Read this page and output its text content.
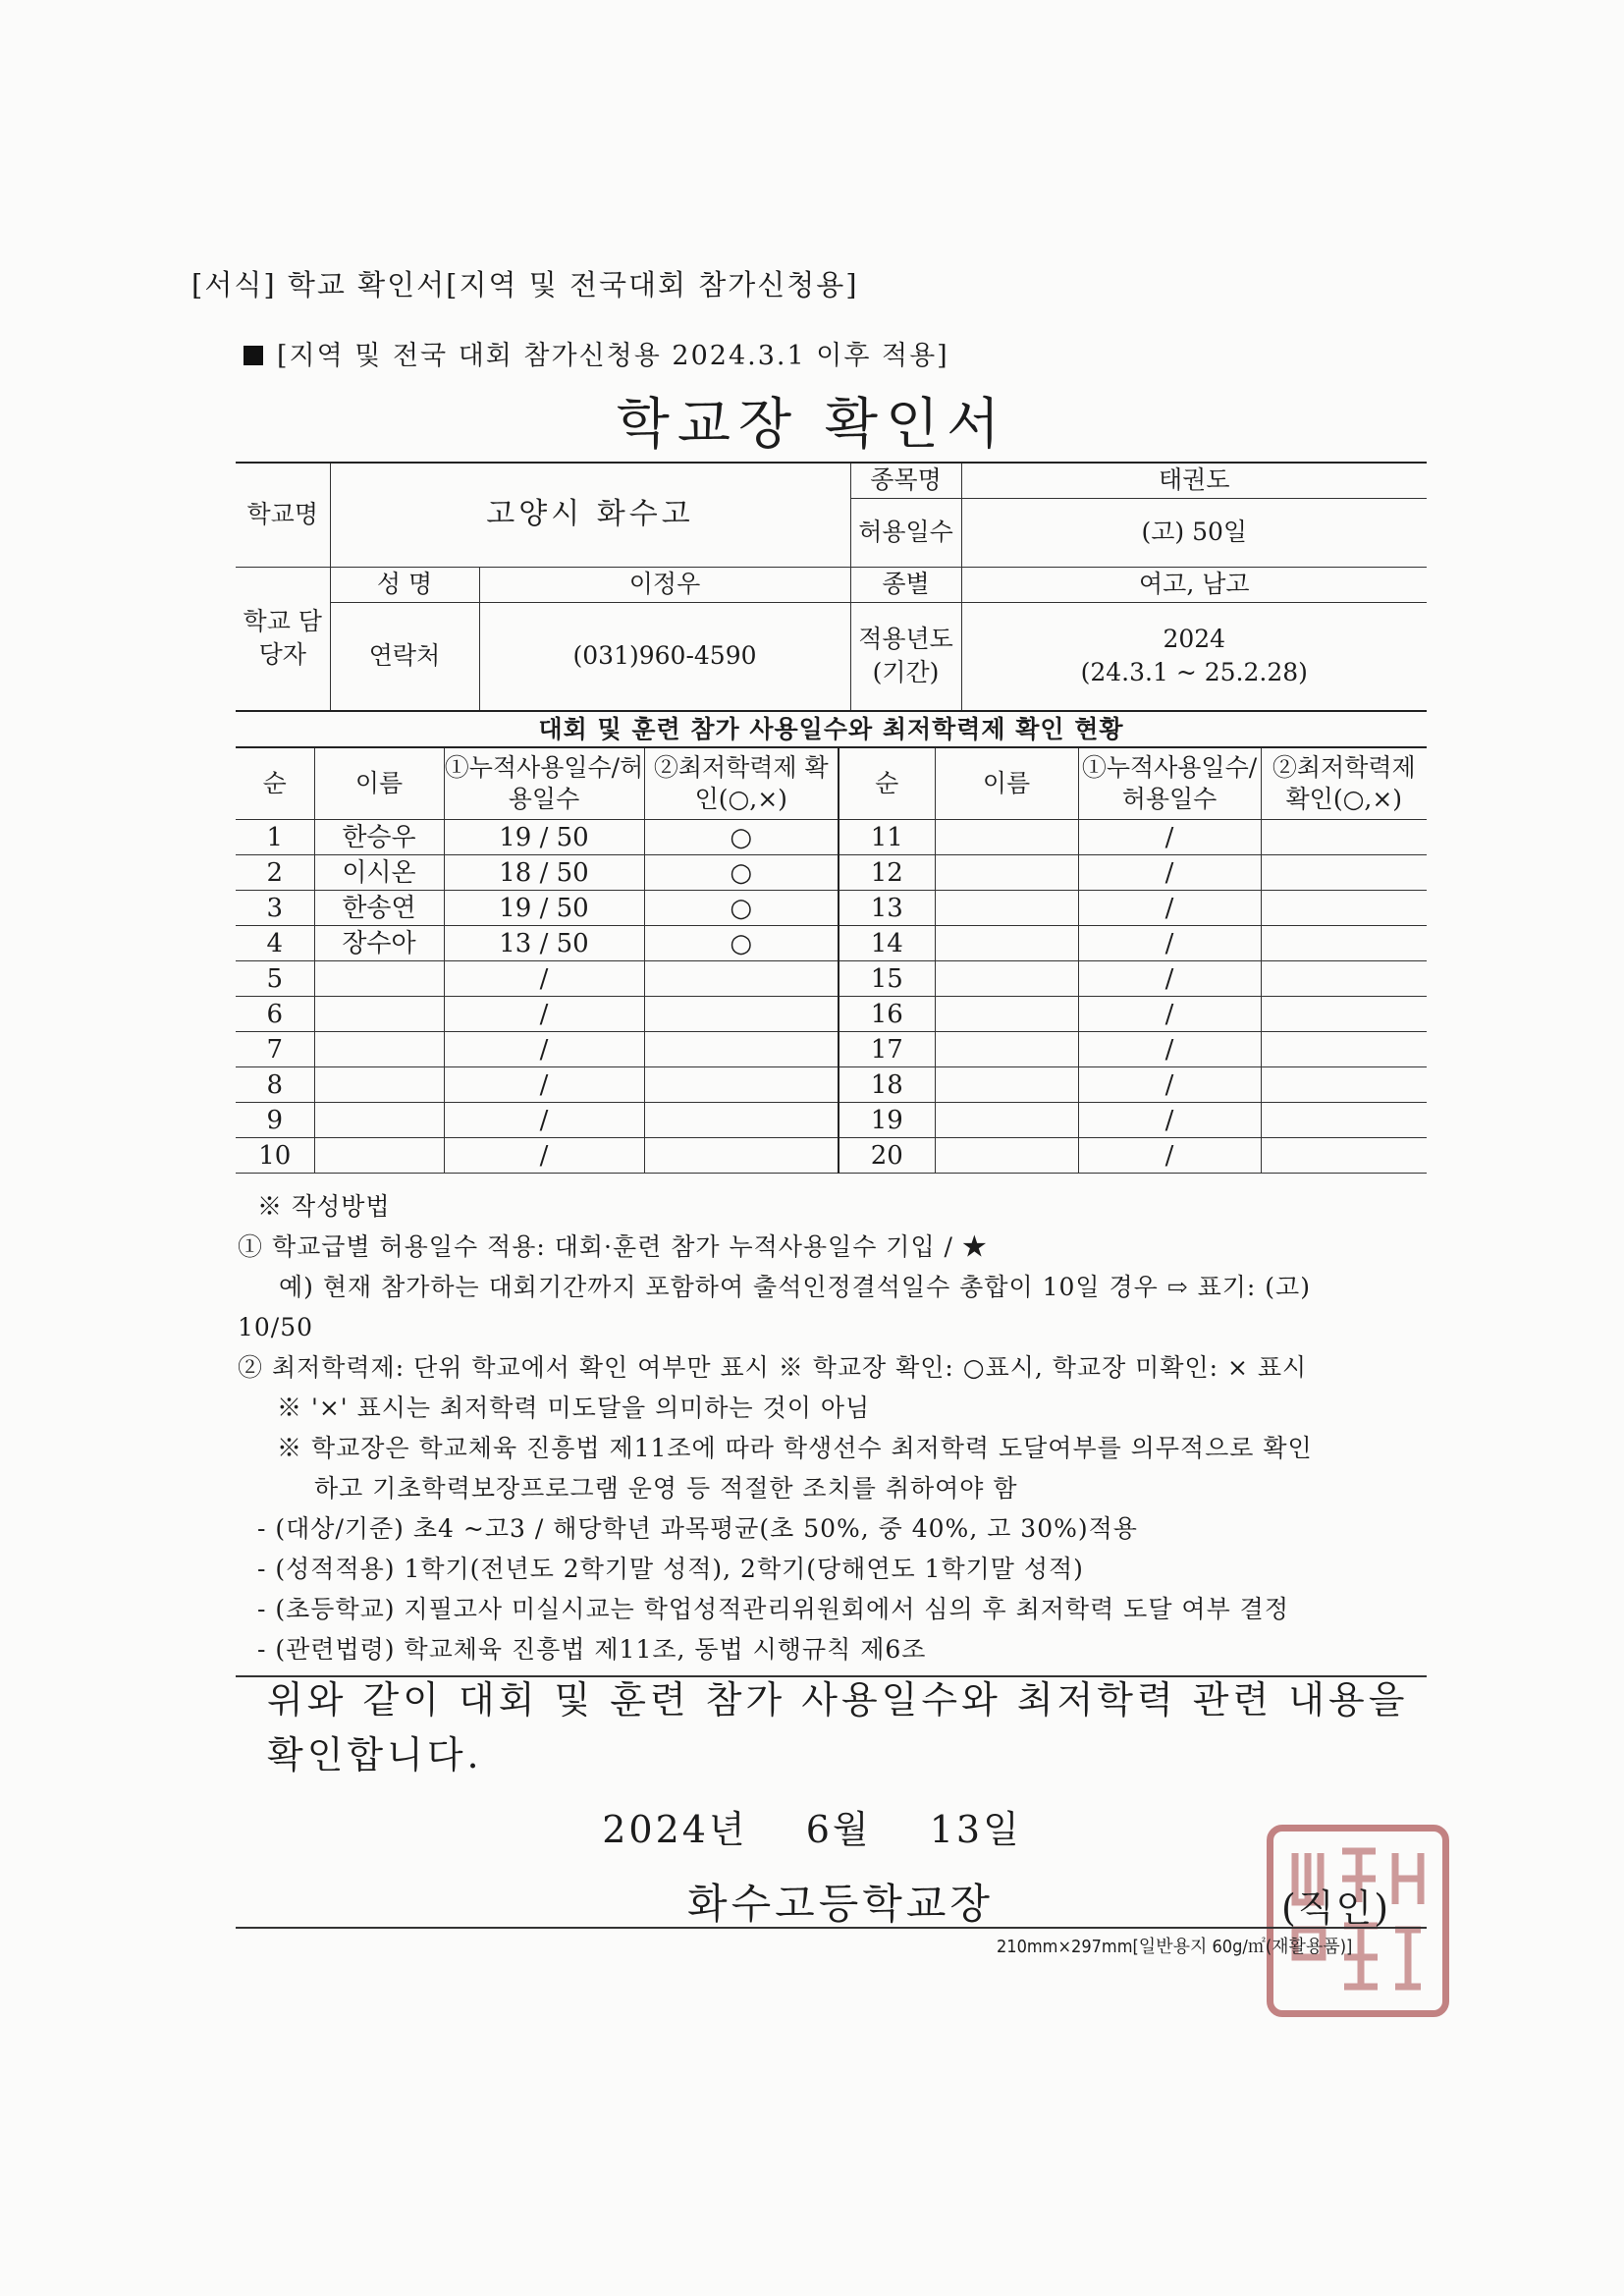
[서식] 학교 확인서[지역 및 전국대회 참가신청용]
[지역 및 전국 대회 참가신청용 2024.3.1 이후 적용]
학교장 확인서
학교명	고양시 화수고		종목명	태권도
			허용일수	(고) 50일
학교 담당자	성 명	이정우	종별	여고, 남고
	연락처	(031)960-4590	적용년도 (기간)	2024
(24.3.1 ~ 25.2.28)
대회 및 훈련 참가 사용일수와 최저학력제 확인 현황							
순	이름	①누적사용일수/허용일수	②최저학력제 확인(○,×)	순	이름	①누적사용일수/ 허용일수	②최저학력제 확인(○,×)
1	한승우	19 / 50	○	11		/	
2	이시온	18 / 50	○	12		/	
3	한송연	19 / 50	○	13		/	
4	장수아	13 / 50	○	14		/	
5		/		15		/	
6		/		16		/	
7		/		17		/	
8		/		18		/	
9		/		19		/	
10		/		20		/	
※ 작성방법
① 학교급별 허용일수 적용: 대회·훈련 참가 누적사용일수 기입 / ★
예) 현재 참가하는 대회기간까지 포함하여 출석인정결석일수 총합이 10일 경우 ⇨ 표기: (고)
10/50
② 최저학력제: 단위 학교에서 확인 여부만 표시 ※ 학교장 확인: ○표시, 학교장 미확인: × 표시
※ '×' 표시는 최저학력 미도달을 의미하는 것이 아님
※ 학교장은 학교체육 진흥법 제11조에 따라 학생선수 최저학력 도달여부를 의무적으로 확인
하고 기초학력보장프로그램 운영 등 적절한 조치를 취하여야 함
- (대상/기준) 초4 ~고3 / 해당학년 과목평균(초 50%, 중 40%, 고 30%)적용
- (성적적용) 1학기(전년도 2학기말 성적), 2학기(당해연도 1학기말 성적)
- (초등학교) 지필고사 미실시교는 학업성적관리위원회에서 심의 후 최저학력 도달 여부 결정
- (관련법령) 학교체육 진흥법 제11조, 동법 시행규칙 제6조
위와 같이 대회 및 훈련 참가 사용일수와 최저학력 관련 내용을
확인합니다.
2024년 6월 13일
화수고등학교장	(직인)
210mm×297mm[일반용지 60g/㎡(재활용품)]
